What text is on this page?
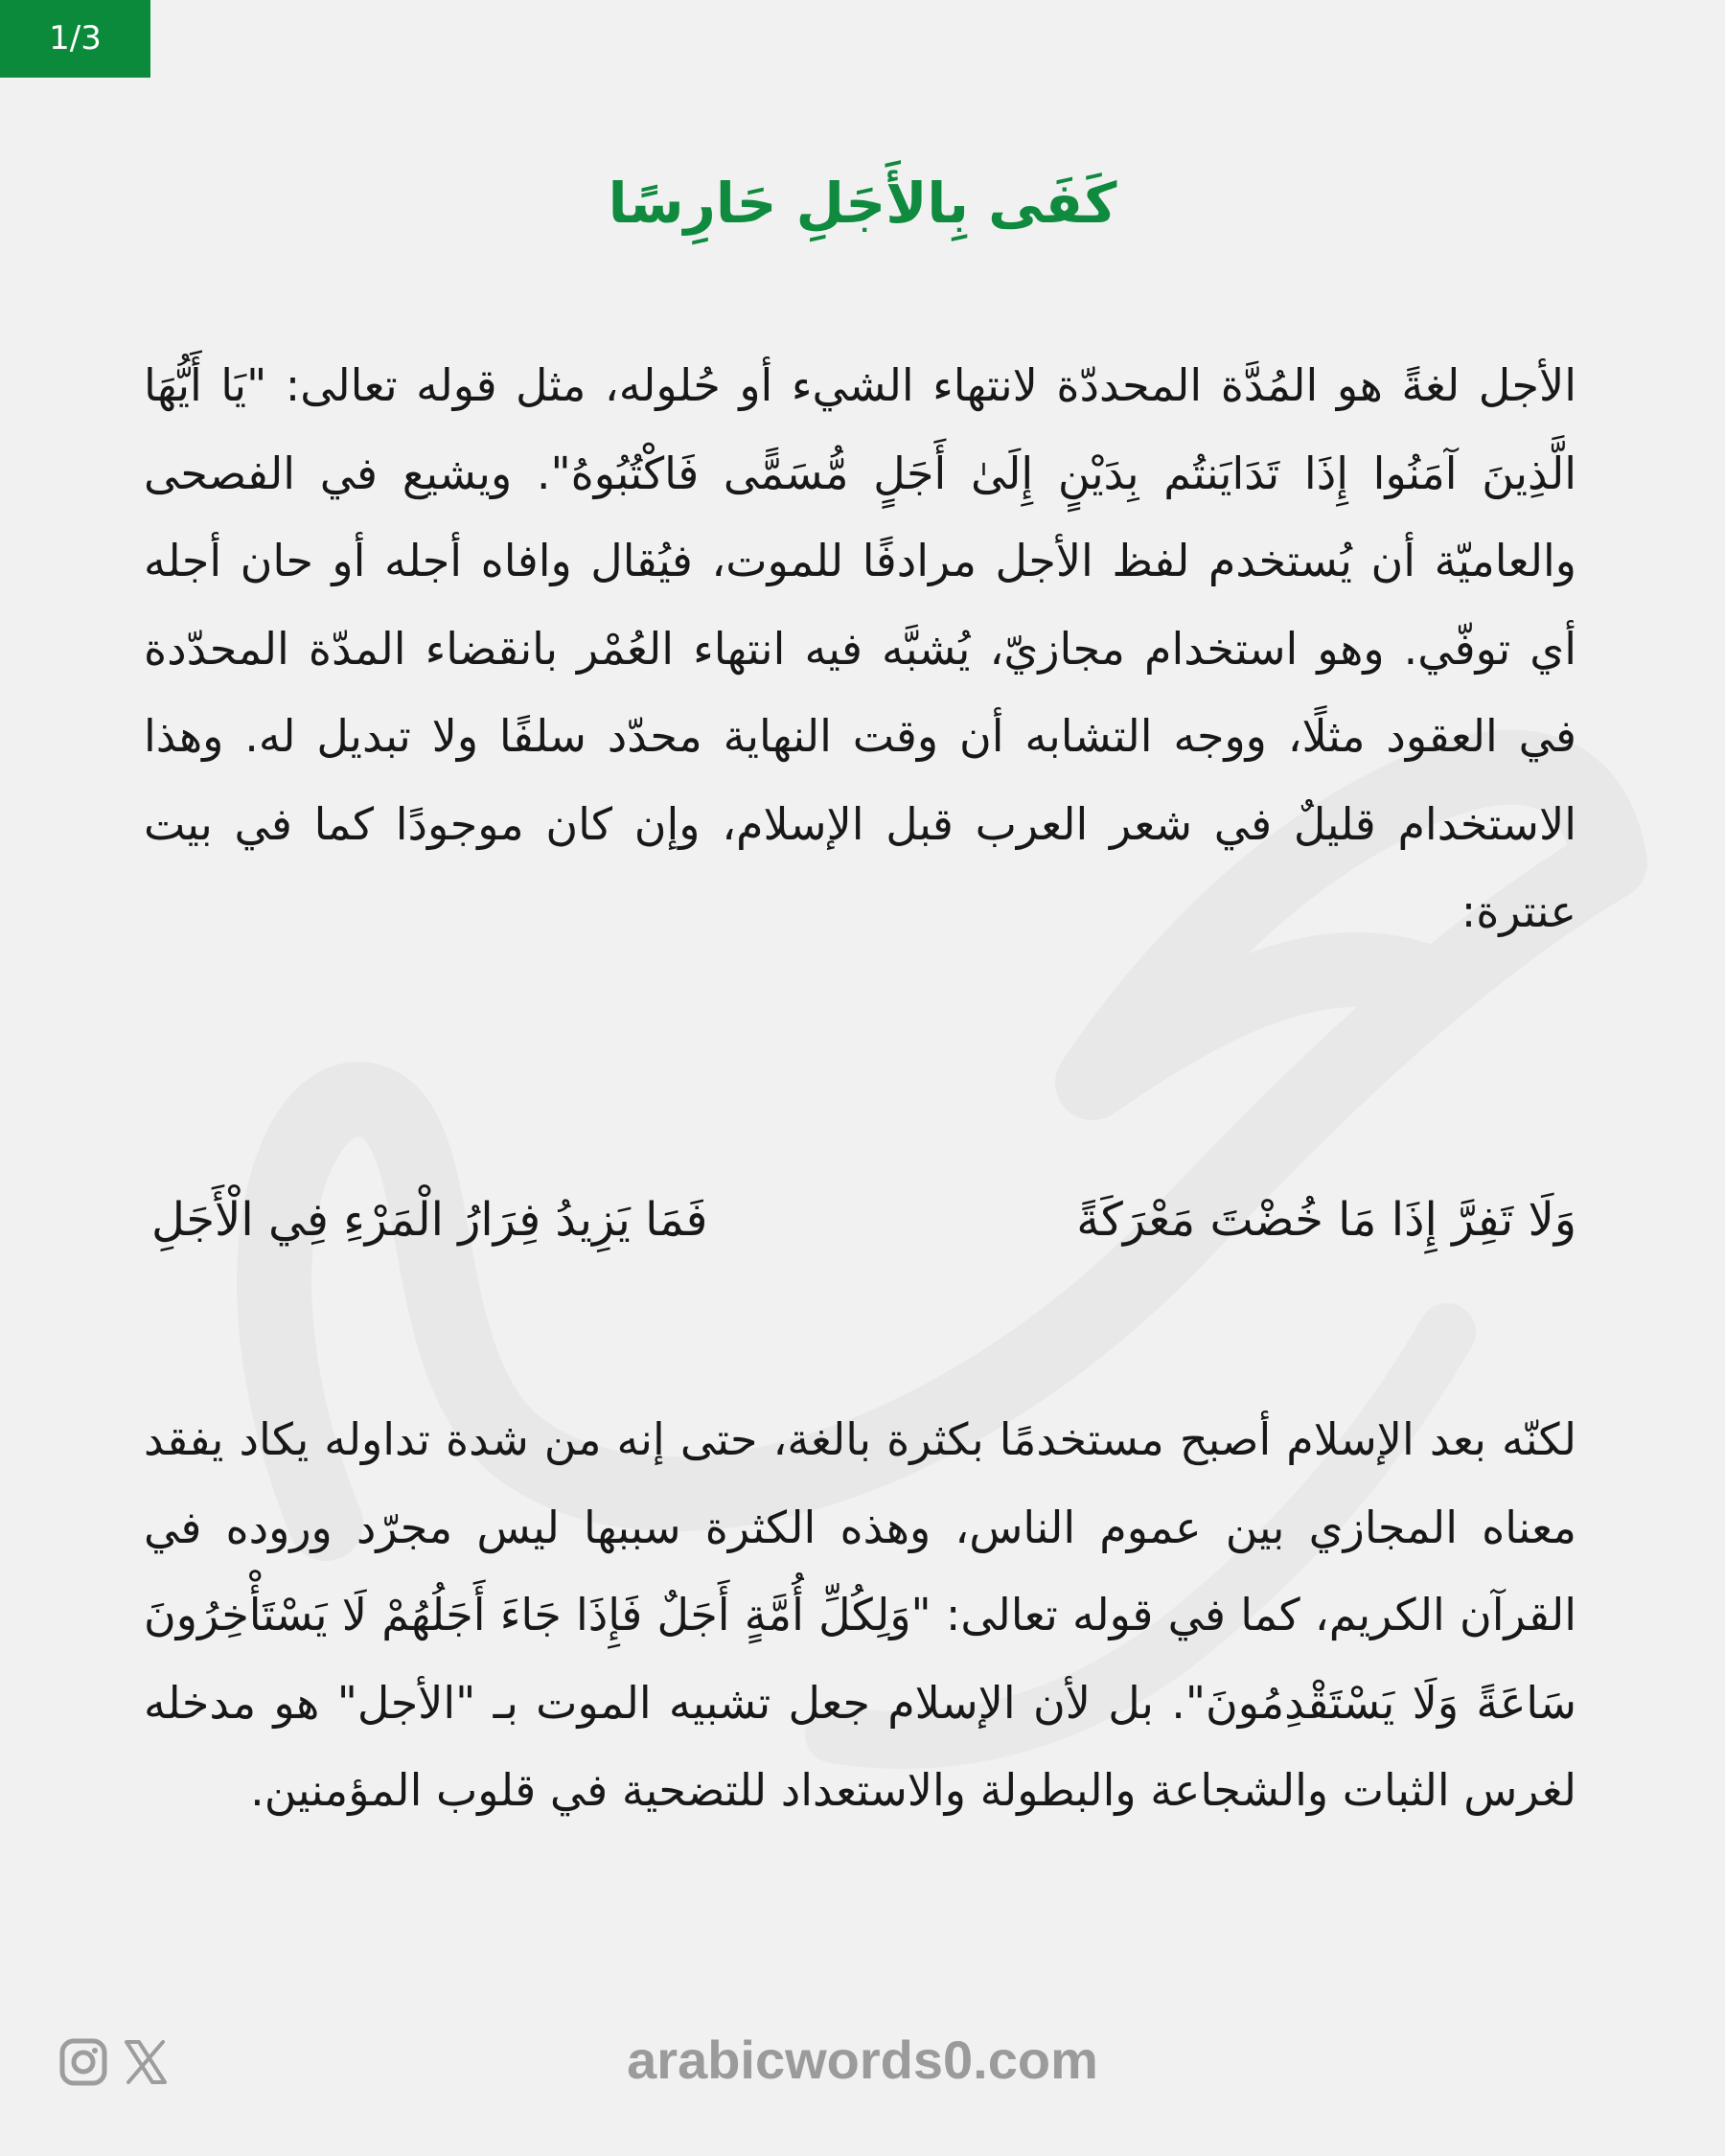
1/3
كَفَى بِالأَجَلِ حَارِسًا

الأجل لغةً هو المُدَّة المحددّة لانتهاء الشيء أو حُلوله، مثل قوله تعالى: "يَا أَيُّهَا الَّذِينَ آمَنُوا إِذَا تَدَايَنتُم بِدَيْنٍ إِلَىٰ أَجَلٍ مُّسَمًّى فَاكْتُبُوهُ". ويشيع في الفصحى والعاميّة أن يُستخدم لفظ الأجل مرادفًا للموت، فيُقال وافاه أجله أو حان أجله أي توفّي. وهو استخدام مجازيّ، يُشبَّه فيه انتهاء العُمْر بانقضاء المدّة المحدّدة في العقود مثلًا، ووجه التشابه أن وقت النهاية محدّد سلفًا ولا تبديل له. وهذا الاستخدام قليلٌ في شعر العرب قبل الإسلام، وإن كان موجودًا كما في بيت عنترة:

وَلَا تَفِرَّ إِذَا مَا خُضْتَ مَعْرَكَةً
فَمَا يَزِيدُ فِرَارُ الْمَرْءِ فِي الْأَجَلِ

لكنّه بعد الإسلام أصبح مستخدمًا بكثرة بالغة، حتى إنه من شدة تداوله يكاد يفقد معناه المجازي بين عموم الناس، وهذه الكثرة سببها ليس مجرّد وروده في القرآن الكريم، كما في قوله تعالى: "وَلِكُلِّ أُمَّةٍ أَجَلٌ فَإِذَا جَاءَ أَجَلُهُمْ لَا يَسْتَأْخِرُونَ سَاعَةً وَلَا يَسْتَقْدِمُونَ". بل لأن الإسلام جعل تشبيه الموت بـ "الأجل" هو مدخله لغرس الثبات والشجاعة والبطولة والاستعداد للتضحية في قلوب المؤمنين.

arabicwords0.com
